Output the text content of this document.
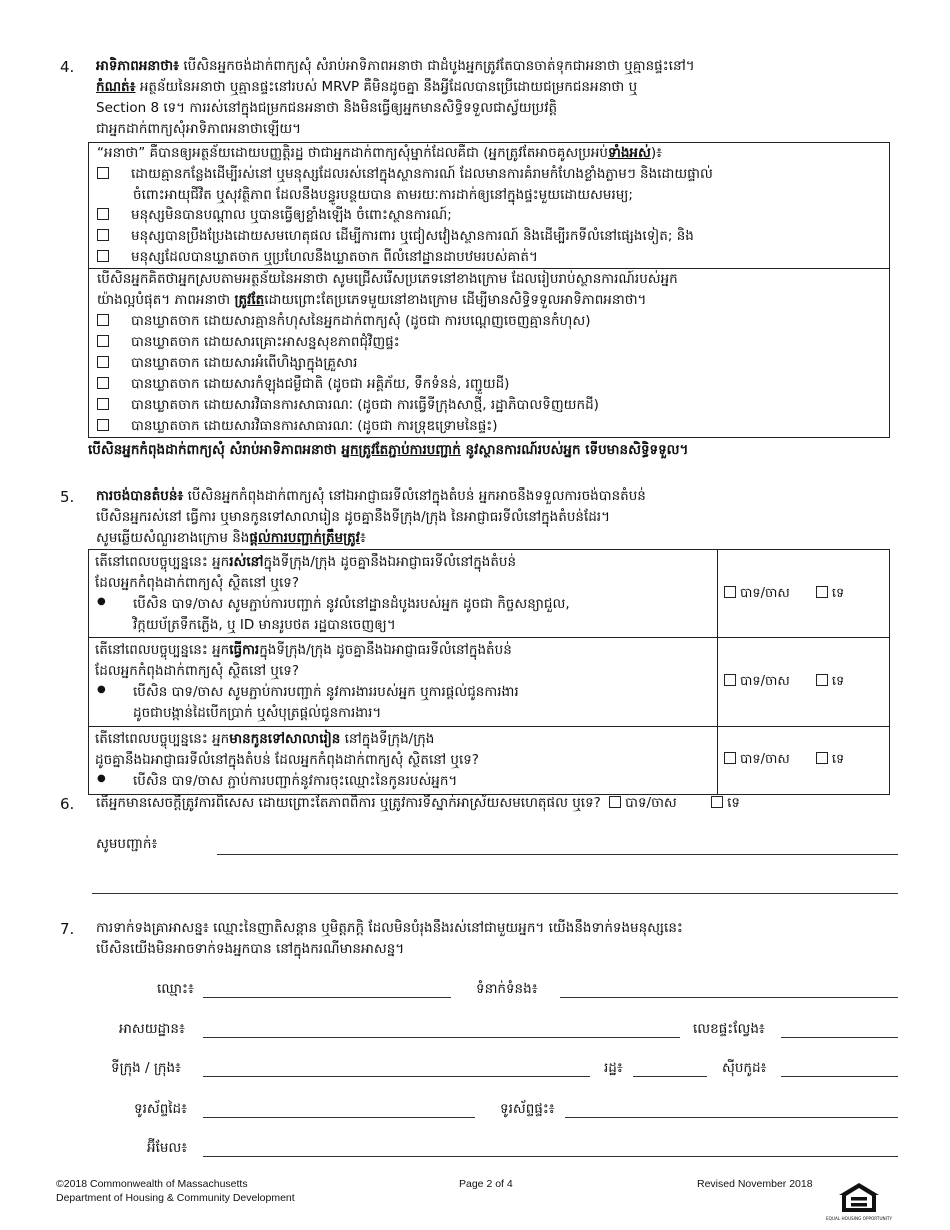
4.	អាទិភាពអនាថា៖ បើសិនអ្នកចង់ដាក់ពាក្យសុំ សំរាប់អាទិភាពអនាថា ជាដំបូងអ្នកត្រូវតែបានចាត់ទុកជាអនាថា ឬគ្មានផ្ទះនៅ។
កំណត់៖ អត្ថន័យនៃអនាថា ឬគ្មានផ្ទះនៅរបស់ MRVP គឺមិនដូចគ្នា នឹងអ្វីដែលបានប្រើដោយជម្រកជនអនាថា ឬ
Section 8 ទេ។ ការរស់នៅក្នុងជម្រកជនអនាថា និងមិនធ្វើឲ្យអ្នកមានសិទ្ធិទទួលជាស្វ័យប្រវត្តិ
ជាអ្នកដាក់ពាក្យសុំអាទិភាពអនាថាឡើយ។
“អនាថា” គឺបានឲ្យអត្ថន័យដោយបញ្ញត្តិរដ្ឋ ថាជាអ្នកដាក់ពាក្យសុំម្នាក់ដែលគឺជា (អ្នកត្រូវតែអាចគូសប្រអប់ទាំងអស់)៖
ដោយគ្មានកន្លែងដើម្បីរស់នៅ ឬមនុស្សដែលរស់នៅក្នុងស្ថានការណ៍ ដែលមានការគំរាមកំហែងខ្លាំងភ្លាមៗ និងដោយផ្ទាល់
ចំពោះអាយុជីវិត ឬសុវត្ថិភាព ដែលនឹងបន្ធូរបន្ថយបាន តាមរយៈការដាក់ឲ្យនៅក្នុងផ្ទះមួយដោយសមរម្យ;
មនុស្សមិនបានបណ្តាល ឬបានធ្វើឲ្យខ្លាំងឡើង ចំពោះស្ថានការណ៍;
មនុស្សបានប្រឹងប្រែងដោយសមហេតុផល ដើម្បីការពារ ឬជៀសវៀងស្ថានការណ៍ និងដើម្បីរកទីលំនៅផ្សេងទៀត; និង
មនុស្សដែលបានឃ្លាតចាក ឬប្រហែលនឹងឃ្លាតចាក ពីលំនៅដ្ឋានដាបឋមរបស់គាត់។
បើសិនអ្នកគិតថាអ្នកស្របតាមអត្ថន័យនៃអនាថា សូមជ្រើសរើសប្រភេទនៅខាងក្រោម ដែលរៀបរាប់ស្ថានការណ៍របស់អ្នក
យ៉ាងល្អបំផុត។ ភាពអនាថា ត្រូវតែដោយព្រោះតែប្រភេទមួយនៅខាងក្រោម ដើម្បីមានសិទ្ធិទទួលអាទិភាពអនាថា។
បានឃ្លាតចាក ដោយសារគ្មានកំហុសនៃអ្នកដាក់ពាក្យសុំ (ដូចជា ការបណ្តេញចេញគ្មានកំហុស)
បានឃ្លាតចាក ដោយសារគ្រោះអាសន្នសុខភាពជុំវិញផ្ទះ
បានឃ្លាតចាក ដោយសារអំពើហិង្សាក្នុងគ្រួសារ
បានឃ្លាតចាក ដោយសារកំឡុងជម្ងឺជាតិ (ដូចជា អគ្គិភ័យ, ទឹកទំនន់, រញ្ជួយដី)
បានឃ្លាតចាក ដោយសារវិធានការសាធារណៈ (ដូចជា ការធ្វើទីក្រុងសាថ្មី, រដ្ឋាភិបាលទិញយកដី)
បានឃ្លាតចាក ដោយសារវិធានការសាធារណៈ (ដូចជា ការទ្រុឌទ្រោមនៃផ្ទះ)
បើសិនអ្នកកំពុងដាក់ពាក្យសុំ សំរាប់អាទិភាពអនាថា អ្នកត្រូវតែភ្ជាប់ការបញ្ជាក់ នូវស្ថានការណ៍របស់អ្នក ទើបមានសិទ្ធិទទួល។
5.	ការចង់បានតំបន់៖ បើសិនអ្នកកំពុងដាក់ពាក្យសុំ នៅឯអាជ្ញាធរទីលំនៅក្នុងតំបន់ អ្នកអាចនឹងទទួលការចង់បានតំបន់
បើសិនអ្នករស់នៅ ធ្វើការ ឬមានកូនទៅសាលារៀន ដូចគ្នានឹងទីក្រុង/ក្រុង នៃអាជ្ញាធរទីលំនៅក្នុងតំបន់ដែរ។
សូមឆ្លើយសំណួរខាងក្រោម និងផ្តល់ការបញ្ជាក់ត្រឹមត្រូវ៖
តើនៅពេលបច្ចុប្បន្ននេះ អ្នករស់នៅក្នុងទីក្រុង/ក្រុង ដូចគ្នានឹងឯអាជ្ញាធរទីលំនៅក្នុងតំបន់
ដែលអ្នកកំពុងដាក់ពាក្យសុំ ស្ថិតនៅ ឬទេ?
● បើសិន បាទ/ចាស សូមភ្ជាប់ការបញ្ជាក់ នូវលំនៅដ្ឋានដំបូងរបស់អ្នក ដូចជា កិច្ចសន្យាជួល,
វិក្កយប័ត្រទឹកភ្លើង, ឬ ID មានរូបថត រដ្ឋបានចេញឲ្យ។	បាទ/ចាស ទេ

តើនៅពេលបច្ចុប្បន្ននេះ អ្នកធ្វើការក្នុងទីក្រុង/ក្រុង ដូចគ្នានឹងឯអាជ្ញាធរទីលំនៅក្នុងតំបន់
ដែលអ្នកកំពុងដាក់ពាក្យសុំ ស្ថិតនៅ ឬទេ?
● បើសិន បាទ/ចាស សូមភ្ជាប់ការបញ្ជាក់ នូវការងាររបស់អ្នក ឬការផ្តល់ជូនការងារ
ដូចជាបង្កាន់ដៃបើកប្រាក់ ឬសំបុត្រផ្តល់ជូនការងារ។	បាទ/ចាស ទេ

តើនៅពេលបច្ចុប្បន្ននេះ អ្នកមានកូនទៅសាលារៀន នៅក្នុងទីក្រុង/ក្រុង
ដូចគ្នានឹងឯអាជ្ញាធរទីលំនៅក្នុងតំបន់ ដែលអ្នកកំពុងដាក់ពាក្យសុំ ស្ថិតនៅ ឬទេ?
● បើសិន បាទ/ចាស ភ្ជាប់ការបញ្ជាក់នូវការចុះឈ្មោះនៃកូនរបស់អ្នក។	បាទ/ចាស ទេ
6.	តើអ្នកមានសេចក្តីត្រូវការពិសេស ដោយព្រោះតែភាពពិការ ឬត្រូវការទីស្នាក់អាស្រ័យសមហេតុផល ឬទេ? បាទ/ចាស	ទេ
សូមបញ្ជាក់៖
7.	ការទាក់ទងគ្រាអាសន្ន៖ ឈ្មោះនៃញាតិសន្តាន ឬមិត្តភក្តិ ដែលមិនបំរុងនឹងរស់នៅជាមួយអ្នក។ យើងនឹងទាក់ទងមនុស្សនេះ
បើសិនយើងមិនអាចទាក់ទងអ្នកបាន នៅក្នុងករណីមានអាសន្ន។
ឈ្មោះ៖	ទំនាក់ទំនង៖
អាសយដ្ឋាន៖	លេខផ្ទះល្វែង៖
ទីក្រុង / ក្រុង៖	រដ្ឋ៖	ស៊ីបកូដ៖
ទូរស័ព្ទដៃ៖	ទូរស័ព្ទផ្ទះ៖
អ៊ីមែល៖
©2018 Commonwealth of Massachusetts
Department of Housing & Community Development
Page 2 of 4	Revised November 2018
EQUAL HOUSING OPPORTUNITY
